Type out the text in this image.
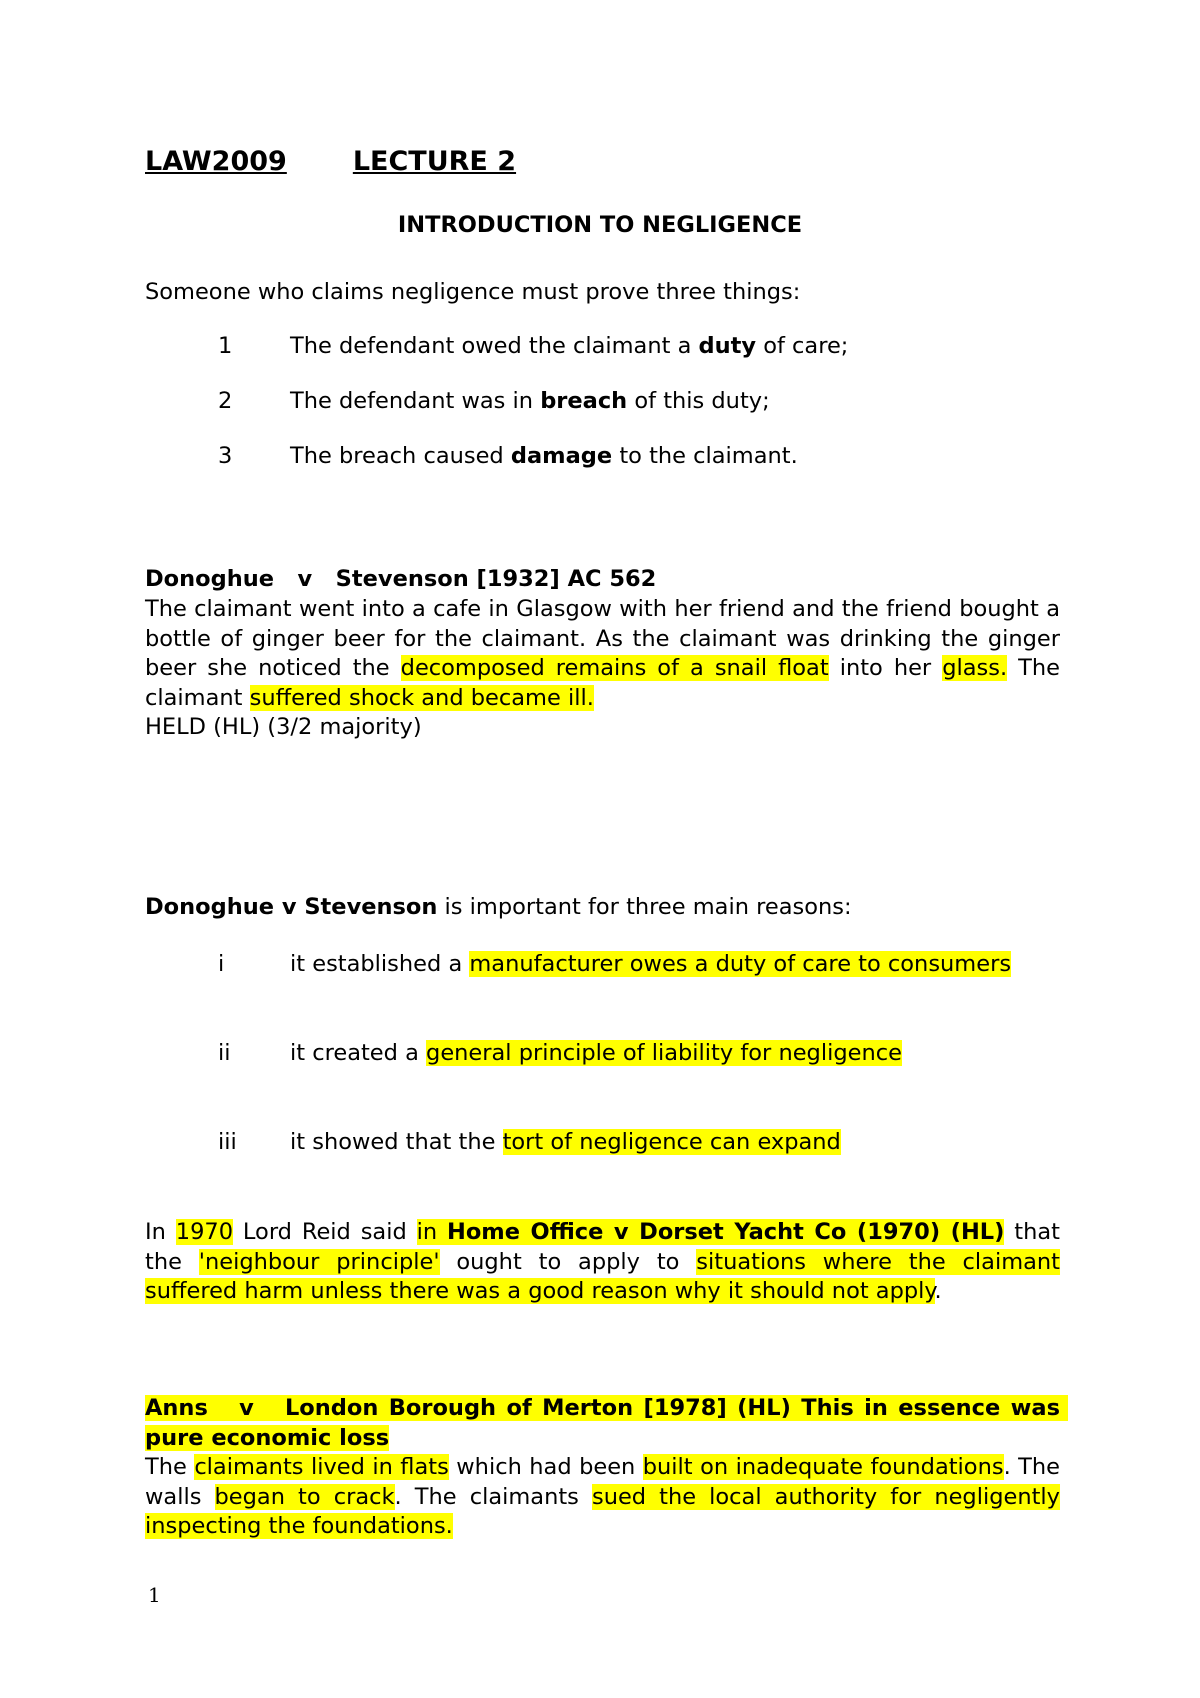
LAW2009 LECTURE 2
INTRODUCTION TO NEGLIGENCE
Someone who claims negligence must prove three things:
1	The defendant owed the claimant a duty of care;
2	The defendant was in breach of this duty;
3	The breach caused damage to the claimant.
Donoghue   v   Stevenson [1932] AC 562
The claimant went into a cafe in Glasgow with her friend and the friend bought a bottle of ginger beer for the claimant. As the claimant was drinking the ginger beer she noticed the decomposed remains of a snail float into her glass. The claimant suffered shock and became ill.
HELD (HL) (3/2 majority)
Donoghue v Stevenson is important for three main reasons:
i	it established a manufacturer owes a duty of care to consumers
ii	it created a general principle of liability for negligence
iii it showed that the tort of negligence can expand
In 1970 Lord Reid said in Home Office v Dorset Yacht Co (1970) (HL) that the 'neighbour principle' ought to apply to situations where the claimant suffered harm unless there was a good reason why it should not apply.
Anns   v   London Borough of Merton [1978] (HL) This in essence was pure economic loss
The claimants lived in flats which had been built on inadequate foundations. The walls began to crack. The claimants sued the local authority for negligently inspecting the foundations.
1
